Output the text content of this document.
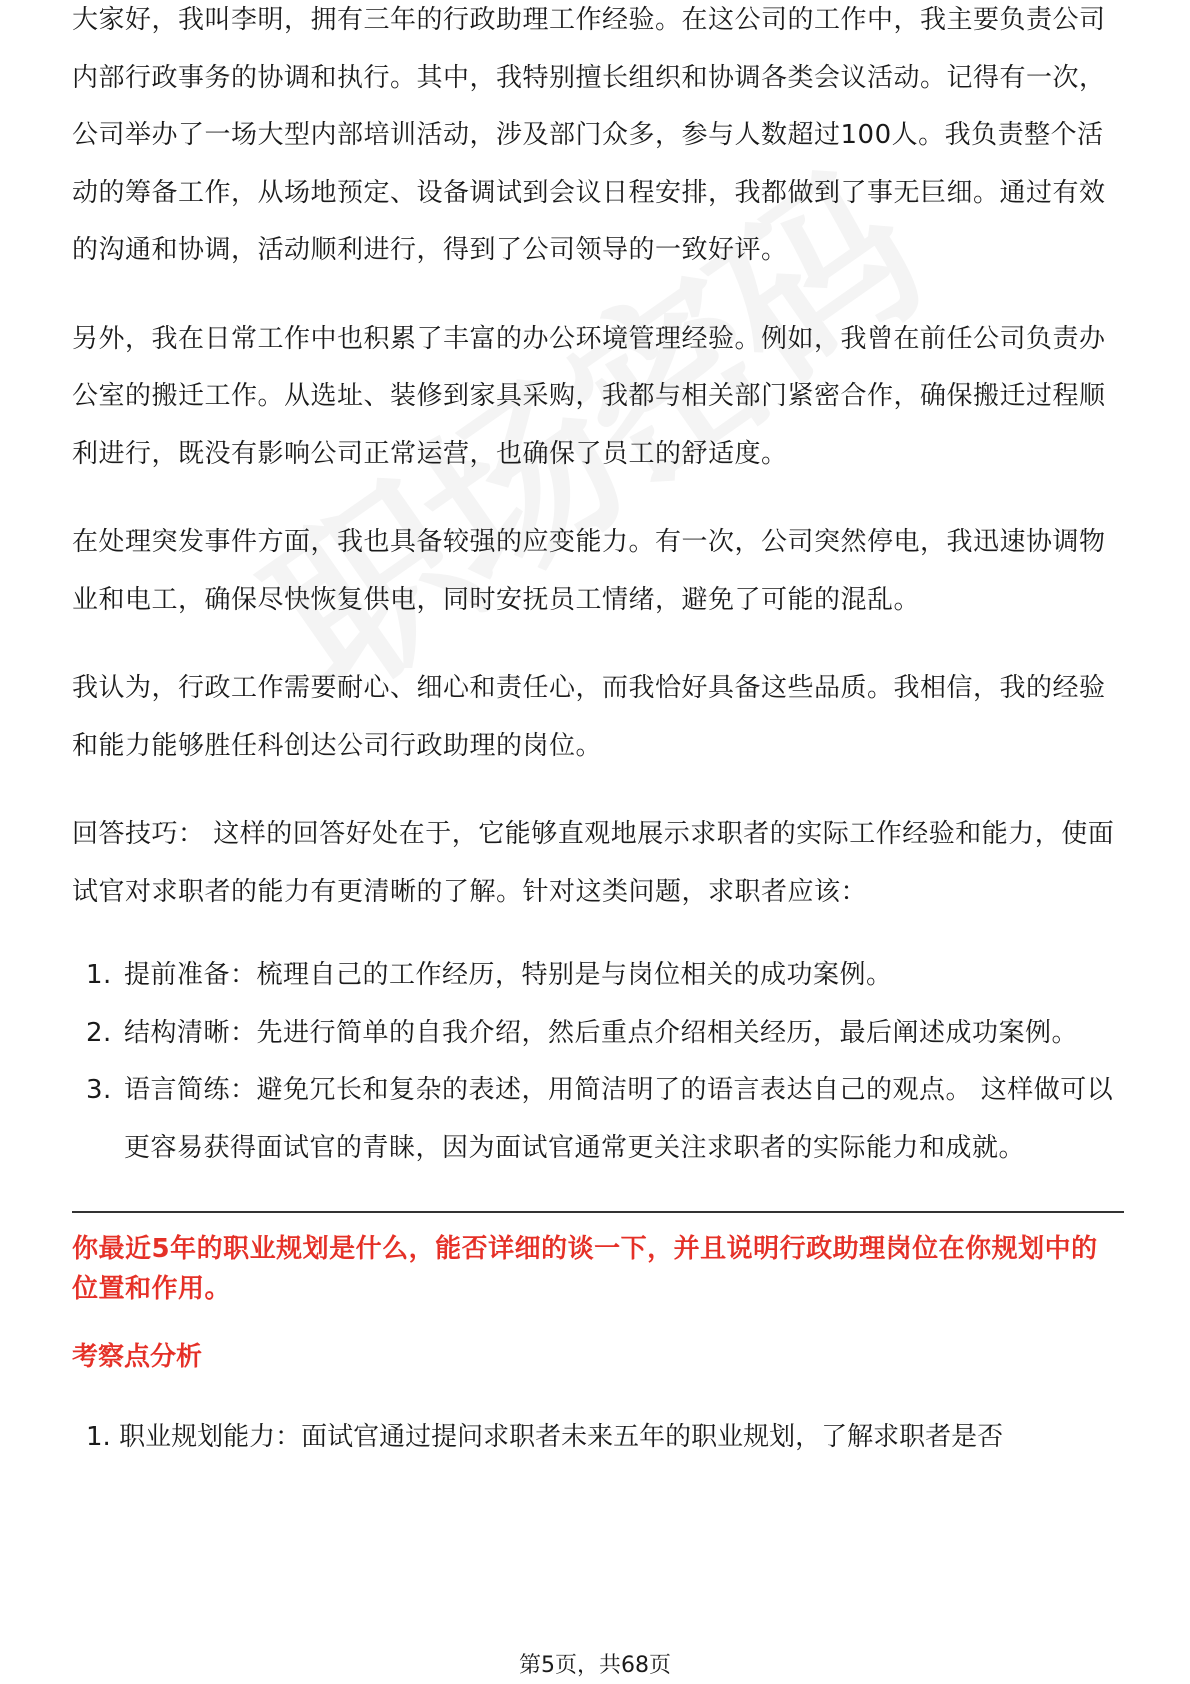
大家好，我叫李明，拥有三年的行政助理工作经验。在这公司的工作中，我主要负责公司内部行政事务的协调和执行。其中，我特别擅长组织和协调各类会议活动。记得有一次，公司举办了一场大型内部培训活动，涉及部门众多，参与人数超过100人。我负责整个活动的筹备工作，从场地预定、设备调试到会议日程安排，我都做到了事无巨细。通过有效的沟通和协调，活动顺利进行，得到了公司领导的一致好评。

另外，我在日常工作中也积累了丰富的办公环境管理经验。例如，我曾在前任公司负责办公室的搬迁工作。从选址、装修到家具采购，我都与相关部门紧密合作，确保搬迁过程顺利进行，既没有影响公司正常运营，也确保了员工的舒适度。

在处理突发事件方面，我也具备较强的应变能力。有一次，公司突然停电，我迅速协调物业和电工，确保尽快恢复供电，同时安抚员工情绪，避免了可能的混乱。

我认为，行政工作需要耐心、细心和责任心，而我恰好具备这些品质。我相信，我的经验和能力能够胜任科创达公司行政助理的岗位。

回答技巧： 这样的回答好处在于，它能够直观地展示求职者的实际工作经验和能力，使面试官对求职者的能力有更清晰的了解。针对这类问题，求职者应该：

1. 提前准备：梳理自己的工作经历，特别是与岗位相关的成功案例。
2. 结构清晰：先进行简单的自我介绍，然后重点介绍相关经历，最后阐述成功案例。
3. 语言简练：避免冗长和复杂的表述，用简洁明了的语言表达自己的观点。 这样做可以更容易获得面试官的青睐，因为面试官通常更关注求职者的实际能力和成就。

你最近5年的职业规划是什么，能否详细的谈一下，并且说明行政助理岗位在你规划中的位置和作用。

考察点分析

1. 职业规划能力：面试官通过提问求职者未来五年的职业规划，了解求职者是否
第5页，共68页
